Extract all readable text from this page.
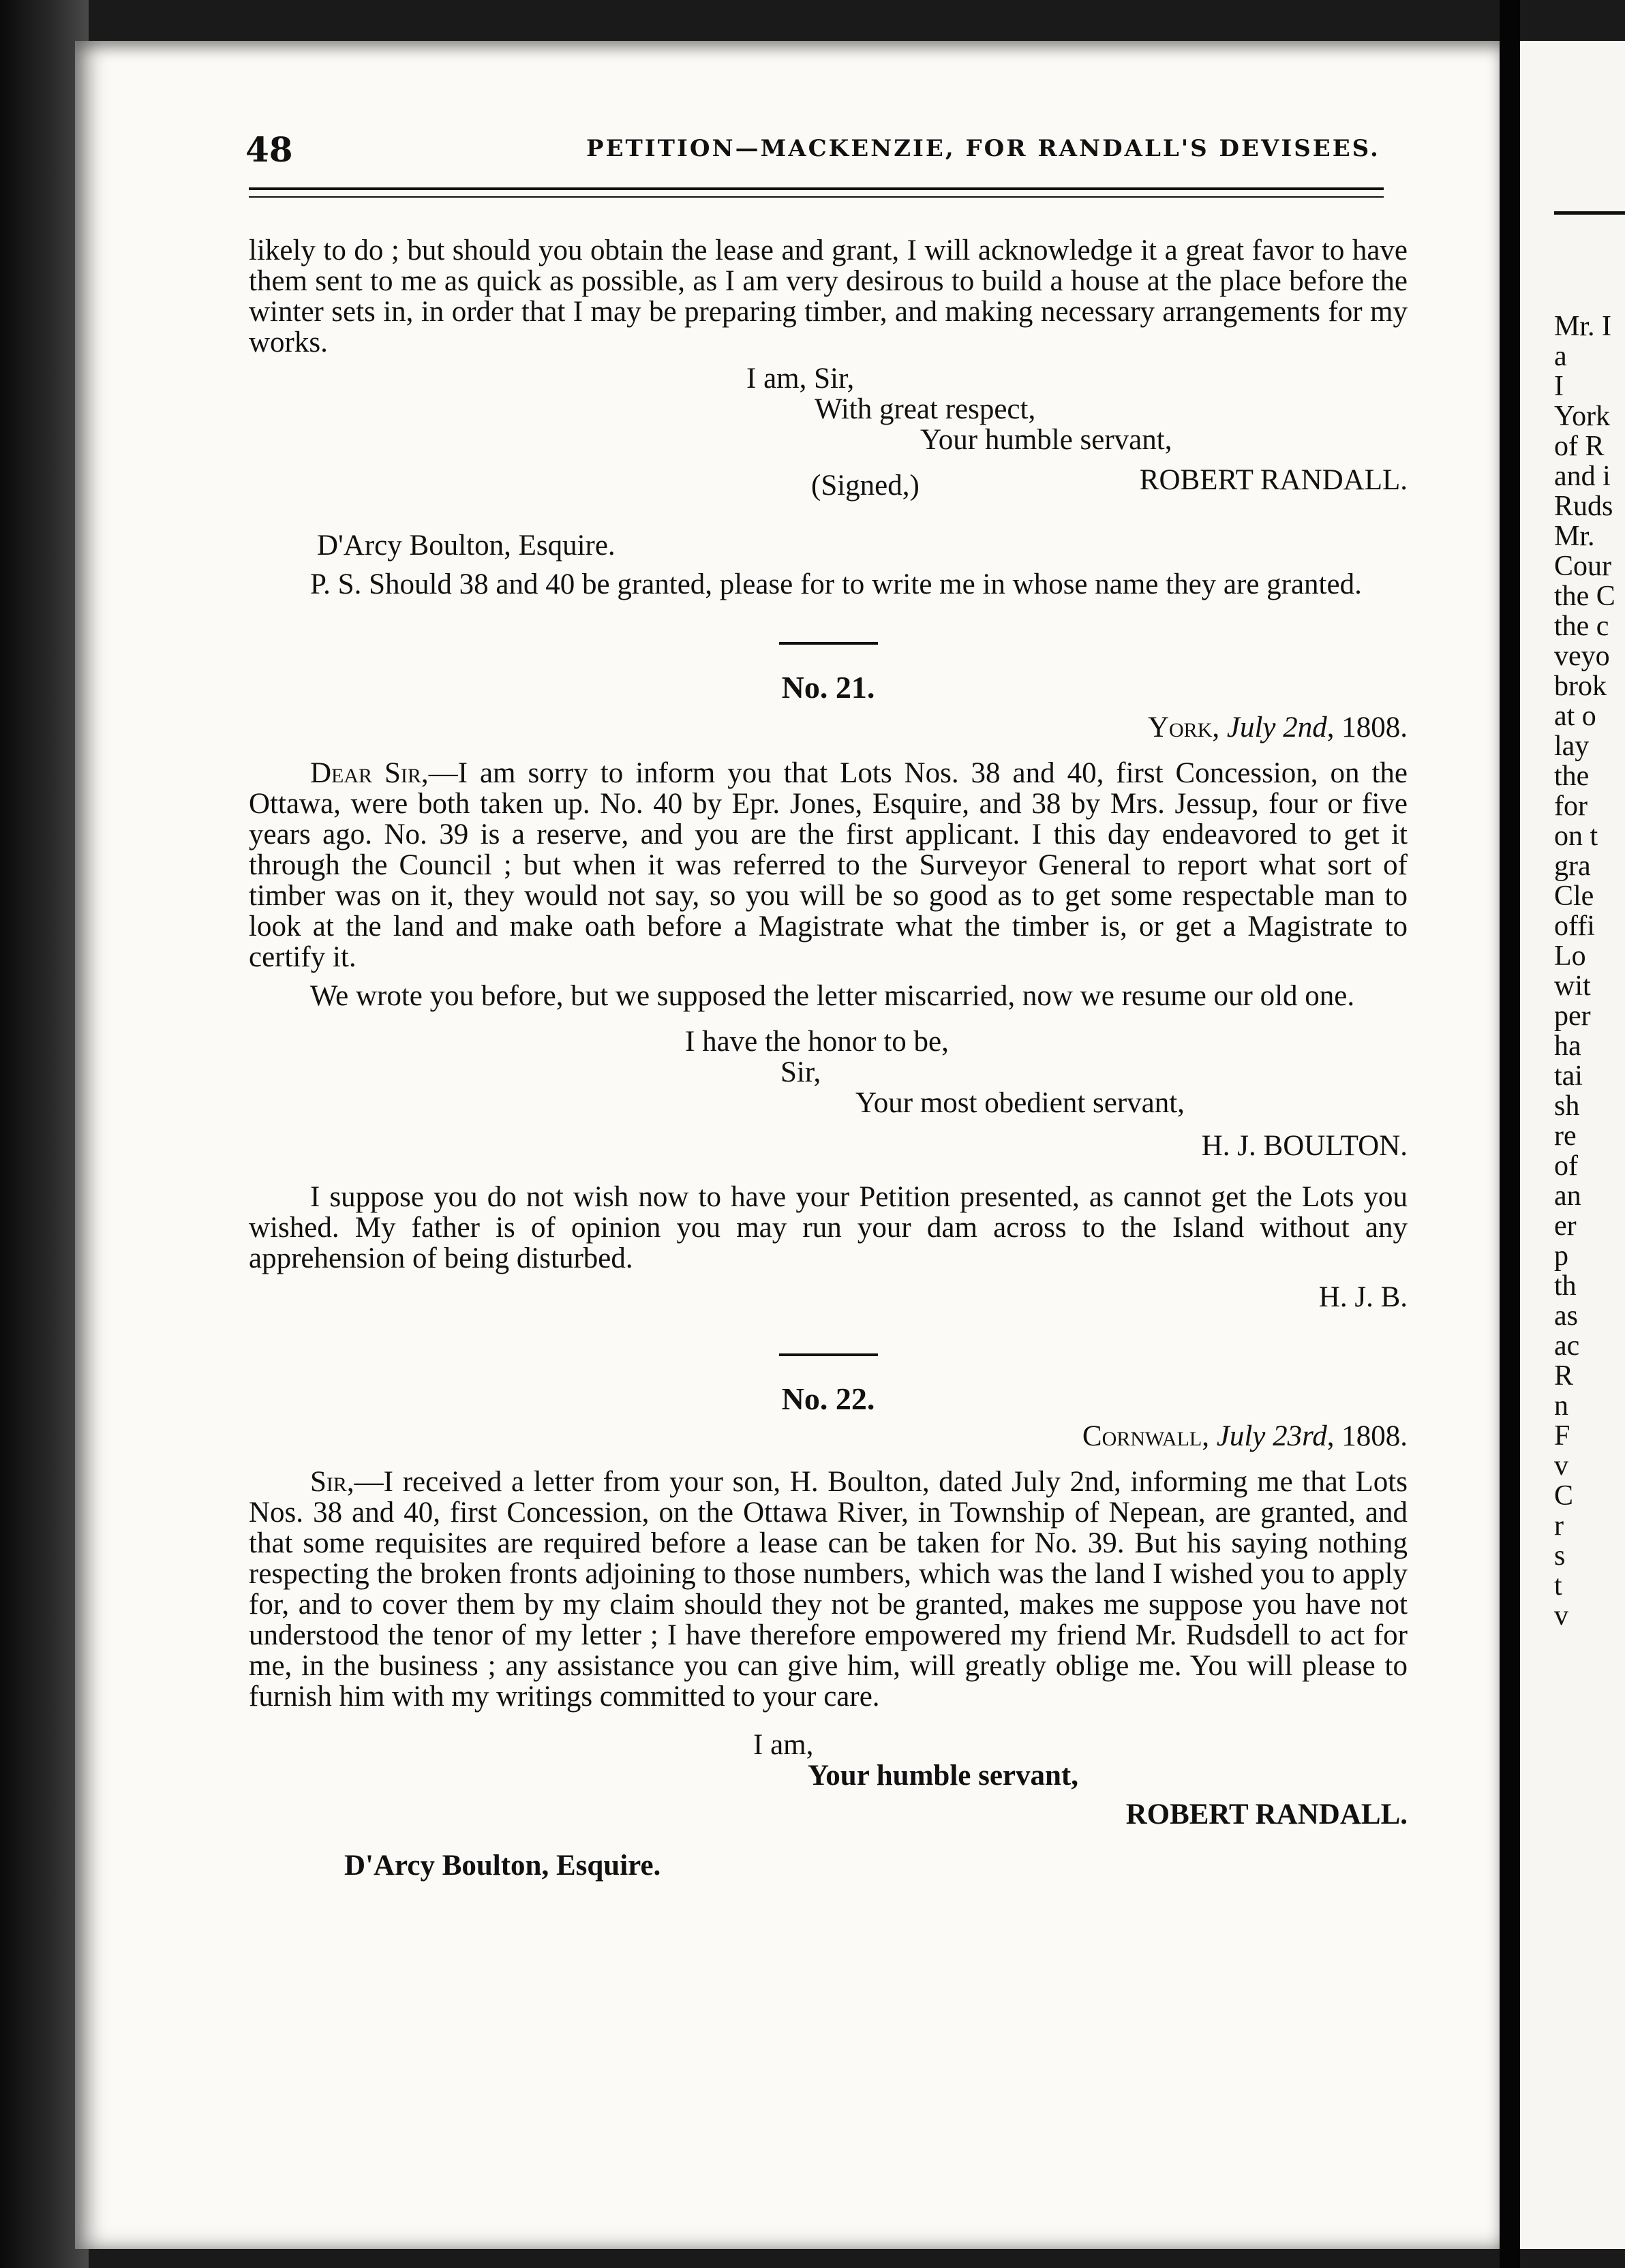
48	PETITION—MACKENZIE, FOR RANDALL'S DEVISEES.

likely to do ; but should you obtain the lease and grant, I will acknowledge it a great favor to have them sent to me as quick as possible, as I am very desirous to build a house at the place before the winter sets in, in order that I may be preparing timber, and making necessary arrangements for my works.

I am, Sir,
With great respect,
Your humble servant,
(Signed,)	ROBERT RANDALL.
D'Arcy Boulton, Esquire.

P. S. Should 38 and 40 be granted, please for to write me in whose name they are granted.

No. 21.
York, July 2nd, 1808.

Dear Sir,—I am sorry to inform you that Lots Nos. 38 and 40, first Concession, on the Ottawa, were both taken up. No. 40 by Epr. Jones, Esquire, and 38 by Mrs. Jessup, four or five years ago. No. 39 is a reserve, and you are the first applicant. I this day endeavored to get it through the Council ; but when it was referred to the Surveyor General to report what sort of timber was on it, they would not say, so you will be so good as to get some respectable man to look at the land and make oath before a Magistrate what the timber is, or get a Magistrate to certify it.

We wrote you before, but we supposed the letter miscarried, now we resume our old one.

I have the honor to be,
Sir,
Your most obedient servant,
H. J. BOULTON.

I suppose you do not wish now to have your Petition presented, as cannot get the Lots you wished. My father is of opinion you may run your dam across to the Island without any apprehension of being disturbed.

H. J. B.
No. 22.
Cornwall, July 23rd, 1808.

Sir,—I received a letter from your son, H. Boulton, dated July 2nd, informing me that Lots Nos. 38 and 40, first Concession, on the Ottawa River, in Township of Nepean, are granted, and that some requisites are required before a lease can be taken for No. 39. But his saying nothing respecting the broken fronts adjoining to those numbers, which was the land I wished you to apply for, and to cover them by my claim should they not be granted, makes me suppose you have not understood the tenor of my letter ; I have therefore empowered my friend Mr. Rudsdell to act for me, in the business ; any assistance you can give him, will greatly oblige me. You will please to furnish him with my writings committed to your care.

I am,
Your humble servant,
ROBERT RANDALL.
D'Arcy Boulton, Esquire.
Mr. I
a
I
York
of R
and i
Ruds
Mr.
Cour
the C
the c
veyo
brok
at o
lay
the
for
on t
gra
Cle
offi
Lo
wit
per
ha
tai
sh
re
of
an
er
p
th
as
ac
R
n
F
v
C
r
s
t
v
